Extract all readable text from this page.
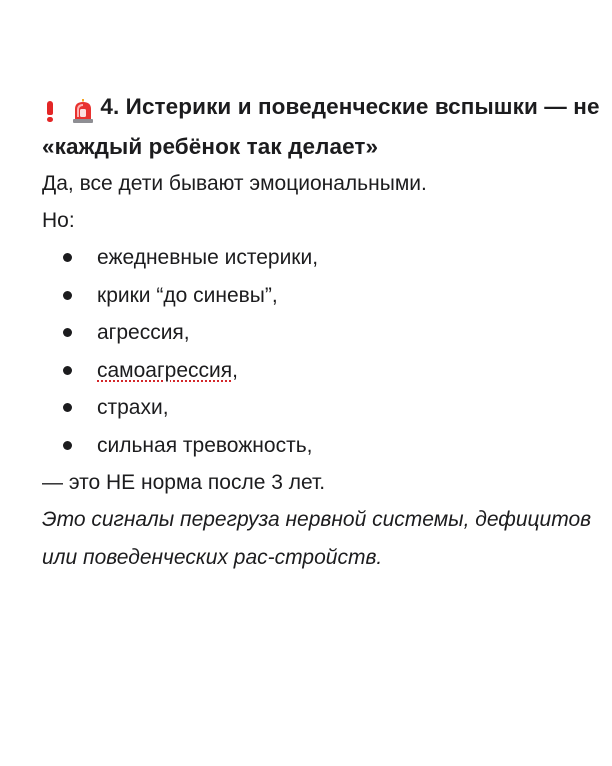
4. Истерики и поведенческие вспышки — не «каждый ребёнок так делает»

Да, все дети бывают эмоциональными.

Но:

ежедневные истерики,
крики “до синевы”,
агрессия,
самоагрессия,
страхи,
сильная тревожность,

— это НЕ норма после 3 лет.

Это сигналы перегруза нервной системы, дефицитов или поведенческих рас-стройств.
